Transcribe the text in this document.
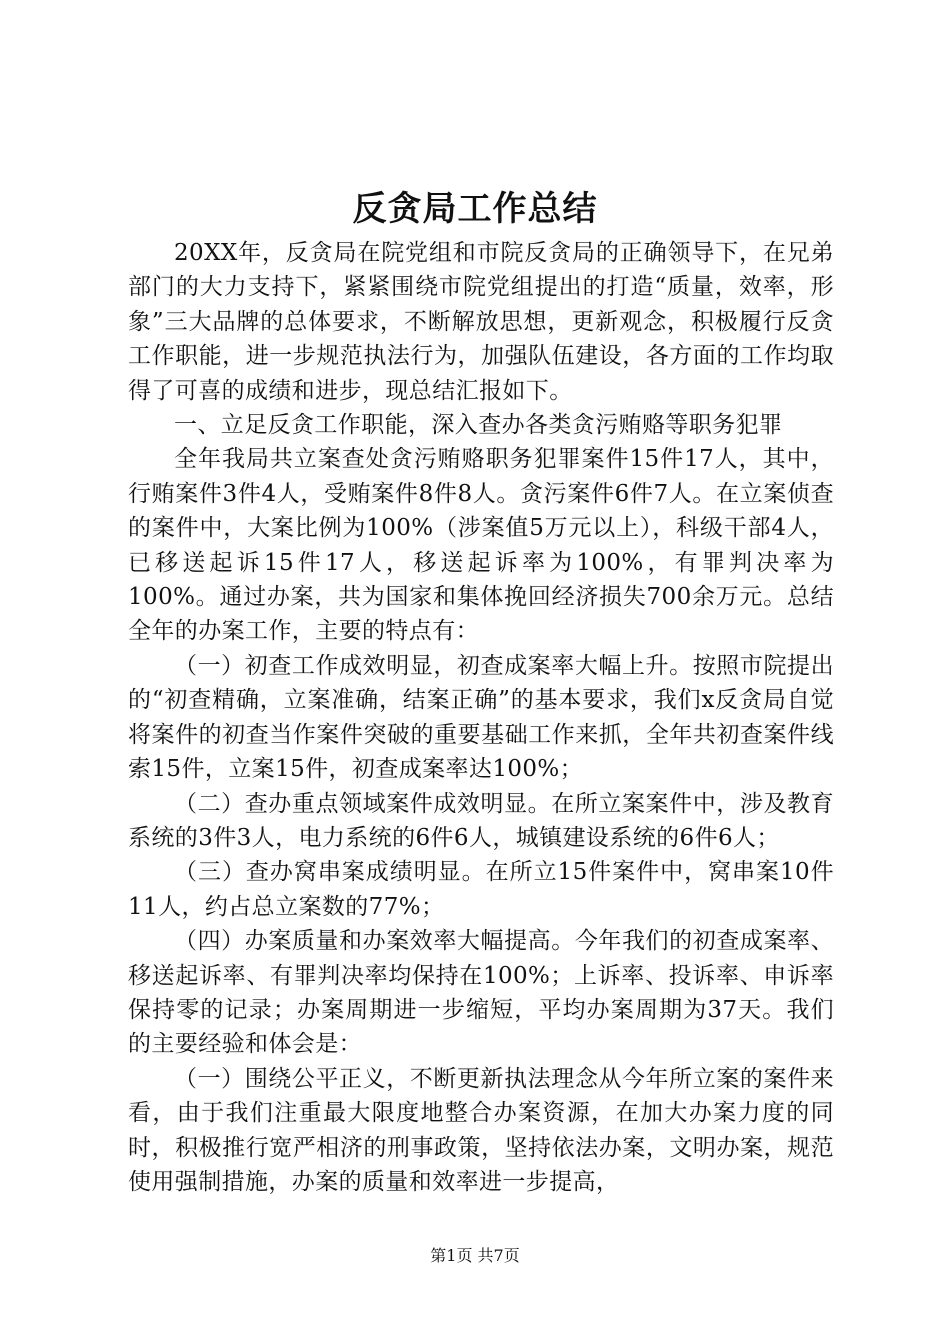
反贪局工作总结

20XX年，反贪局在院党组和市院反贪局的正确领导下，在兄弟部门的大力支持下，紧紧围绕市院党组提出的打造“质量，效率，形象”三大品牌的总体要求，不断解放思想，更新观念，积极履行反贪工作职能，进一步规范执法行为，加强队伍建设，各方面的工作均取得了可喜的成绩和进步，现总结汇报如下。

一、立足反贪工作职能，深入查办各类贪污贿赂等职务犯罪

全年我局共立案查处贪污贿赂职务犯罪案件15件17人，其中，行贿案件3件4人，受贿案件8件8人。贪污案件6件7人。在立案侦查的案件中，大案比例为100%（涉案值5万元以上），科级干部4人，已移送起诉15件17人，移送起诉率为100%，有罪判决率为100%。通过办案，共为国家和集体挽回经济损失700余万元。总结全年的办案工作，主要的特点有：

（一）初查工作成效明显，初查成案率大幅上升。按照市院提出的“初查精确，立案准确，结案正确”的基本要求，我们x反贪局自觉将案件的初查当作案件突破的重要基础工作来抓，全年共初查案件线索15件，立案15件，初查成案率达100%；

（二）查办重点领域案件成效明显。在所立案案件中，涉及教育系统的3件3人，电力系统的6件6人，城镇建设系统的6件6人；

（三）查办窝串案成绩明显。在所立15件案件中，窝串案10件11人，约占总立案数的77%；

（四）办案质量和办案效率大幅提高。今年我们的初查成案率、移送起诉率、有罪判决率均保持在100%；上诉率、投诉率、申诉率保持零的记录；办案周期进一步缩短，平均办案周期为37天。我们的主要经验和体会是：

（一）围绕公平正义，不断更新执法理念从今年所立案的案件来看，由于我们注重最大限度地整合办案资源，在加大办案力度的同时，积极推行宽严相济的刑事政策，坚持依法办案，文明办案，规范使用强制措施，办案的质量和效率进一步提高，

第1页 共7页
